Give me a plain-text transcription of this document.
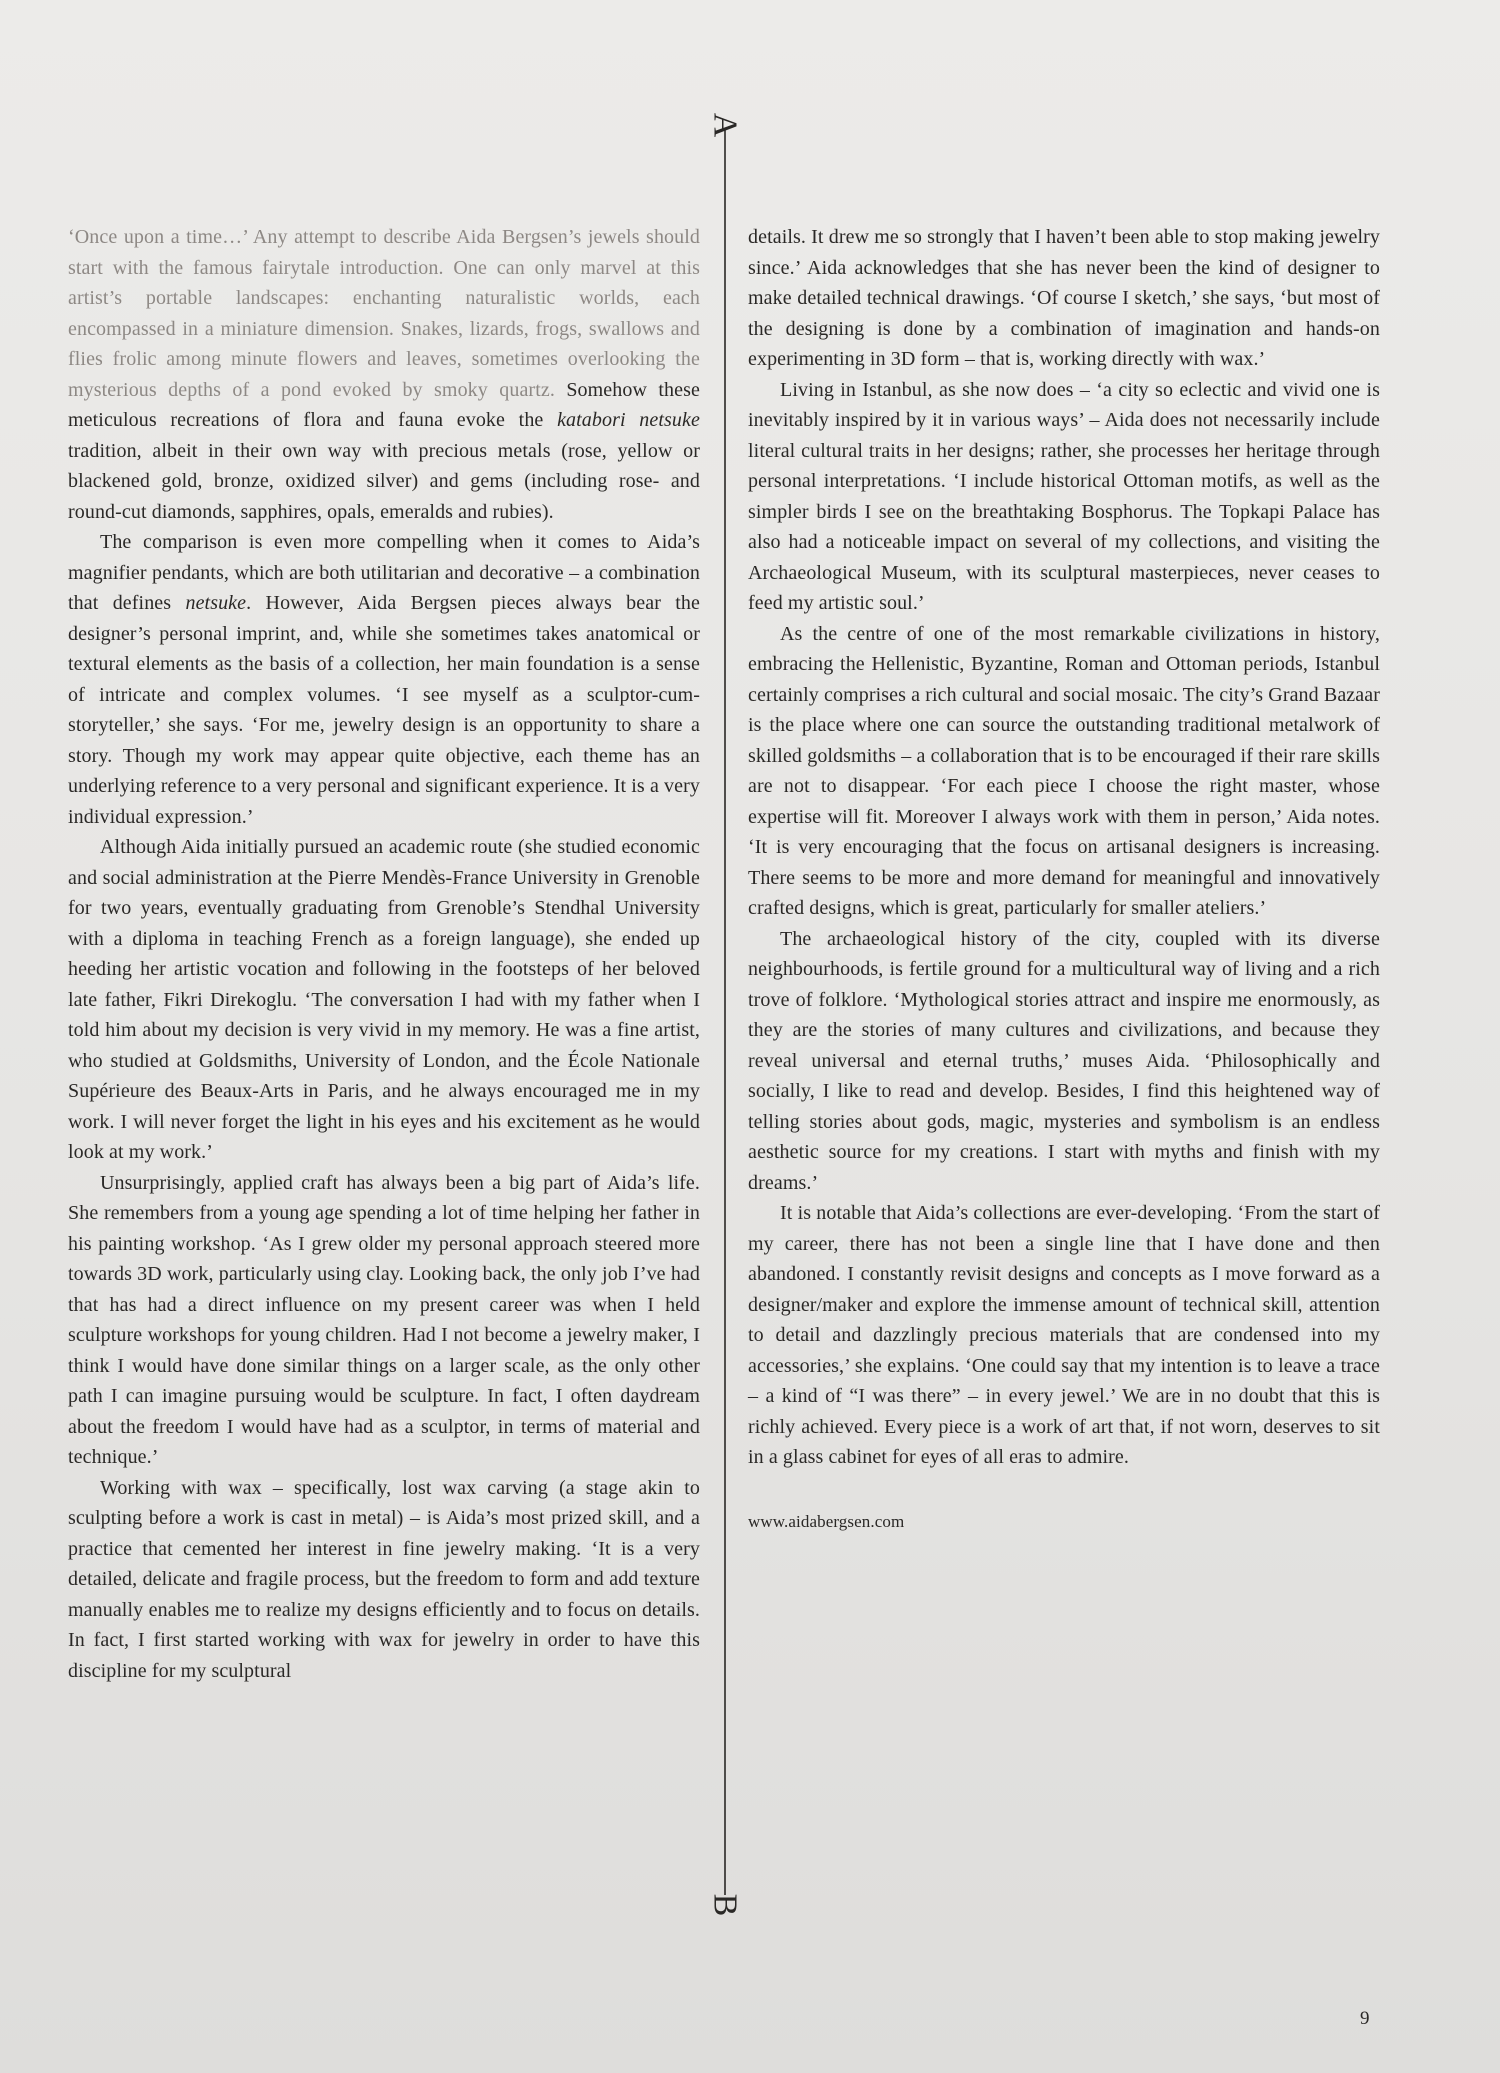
A
B

‘Once upon a time…’ Any attempt to describe Aida Bergsen’s jewels should start with the famous fairytale introduction. One can only marvel at this artist’s portable landscapes: enchanting naturalistic worlds, each encompassed in a miniature dimension. Snakes, lizards, frogs, swallows and flies frolic among minute flowers and leaves, sometimes overlooking the mysterious depths of a pond evoked by smoky quartz. Somehow these meticulous recreations of flora and fauna evoke the katabori netsuke tradition, albeit in their own way with precious metals (rose, yellow or blackened gold, bronze, oxidized silver) and gems (including rose- and round-cut diamonds, sapphires, opals, emeralds and rubies).

The comparison is even more compelling when it comes to Aida’s magnifier pendants, which are both utilitarian and decorative – a combination that defines netsuke. However, Aida Bergsen pieces always bear the designer’s personal imprint, and, while she sometimes takes anatomical or textural elements as the basis of a collection, her main foundation is a sense of intricate and complex volumes. ‘I see myself as a sculptor-cum-storyteller,’ she says. ‘For me, jewelry design is an opportunity to share a story. Though my work may appear quite objective, each theme has an underlying reference to a very personal and significant experience. It is a very individual expression.’

Although Aida initially pursued an academic route (she studied economic and social administration at the Pierre Mendès-France University in Grenoble for two years, eventually graduating from Grenoble’s Stendhal University with a diploma in teaching French as a foreign language), she ended up heeding her artistic vocation and following in the footsteps of her beloved late father, Fikri Direkoglu. ‘The conversation I had with my father when I told him about my decision is very vivid in my memory. He was a fine artist, who studied at Goldsmiths, University of London, and the École Nationale Supérieure des Beaux-Arts in Paris, and he always encouraged me in my work. I will never forget the light in his eyes and his excitement as he would look at my work.’

Unsurprisingly, applied craft has always been a big part of Aida’s life. She remembers from a young age spending a lot of time helping her father in his painting workshop. ‘As I grew older my personal approach steered more towards 3D work, particularly using clay. Looking back, the only job I’ve had that has had a direct influence on my present career was when I held sculpture workshops for young children. Had I not become a jewelry maker, I think I would have done similar things on a larger scale, as the only other path I can imagine pursuing would be sculpture. In fact, I often daydream about the freedom I would have had as a sculptor, in terms of material and technique.’

Working with wax – specifically, lost wax carving (a stage akin to sculpting before a work is cast in metal) – is Aida’s most prized skill, and a practice that cemented her interest in fine jewelry making. ‘It is a very detailed, delicate and fragile process, but the freedom to form and add texture manually enables me to realize my designs efficiently and to focus on details. In fact, I first started working with wax for jewelry in order to have this discipline for my sculptural

details. It drew me so strongly that I haven’t been able to stop making jewelry since.’ Aida acknowledges that she has never been the kind of designer to make detailed technical drawings. ‘Of course I sketch,’ she says, ‘but most of the designing is done by a combination of imagination and hands-on experimenting in 3D form – that is, working directly with wax.’

Living in Istanbul, as she now does – ‘a city so eclectic and vivid one is inevitably inspired by it in various ways’ – Aida does not necessarily include literal cultural traits in her designs; rather, she processes her heritage through personal interpretations. ‘I include historical Ottoman motifs, as well as the simpler birds I see on the breathtaking Bosphorus. The Topkapi Palace has also had a noticeable impact on several of my collections, and visiting the Archaeological Museum, with its sculptural masterpieces, never ceases to feed my artistic soul.’

As the centre of one of the most remarkable civilizations in history, embracing the Hellenistic, Byzantine, Roman and Ottoman periods, Istanbul certainly comprises a rich cultural and social mosaic. The city’s Grand Bazaar is the place where one can source the outstanding traditional metalwork of skilled goldsmiths – a collaboration that is to be encouraged if their rare skills are not to disappear. ‘For each piece I choose the right master, whose expertise will fit. Moreover I always work with them in person,’ Aida notes. ‘It is very encouraging that the focus on artisanal designers is increasing. There seems to be more and more demand for meaningful and innovatively crafted designs, which is great, particularly for smaller ateliers.’

The archaeological history of the city, coupled with its diverse neighbourhoods, is fertile ground for a multicultural way of living and a rich trove of folklore. ‘Mythological stories attract and inspire me enormously, as they are the stories of many cultures and civilizations, and because they reveal universal and eternal truths,’ muses Aida. ‘Philosophically and socially, I like to read and develop. Besides, I find this heightened way of telling stories about gods, magic, mysteries and symbolism is an endless aesthetic source for my creations. I start with myths and finish with my dreams.’

It is notable that Aida’s collections are ever-developing. ‘From the start of my career, there has not been a single line that I have done and then abandoned. I constantly revisit designs and concepts as I move forward as a designer/maker and explore the immense amount of technical skill, attention to detail and dazzlingly precious materials that are condensed into my accessories,’ she explains. ‘One could say that my intention is to leave a trace – a kind of “I was there” – in every jewel.’ We are in no doubt that this is richly achieved. Every piece is a work of art that, if not worn, deserves to sit in a glass cabinet for eyes of all eras to admire.

www.aidabergsen.com

9
